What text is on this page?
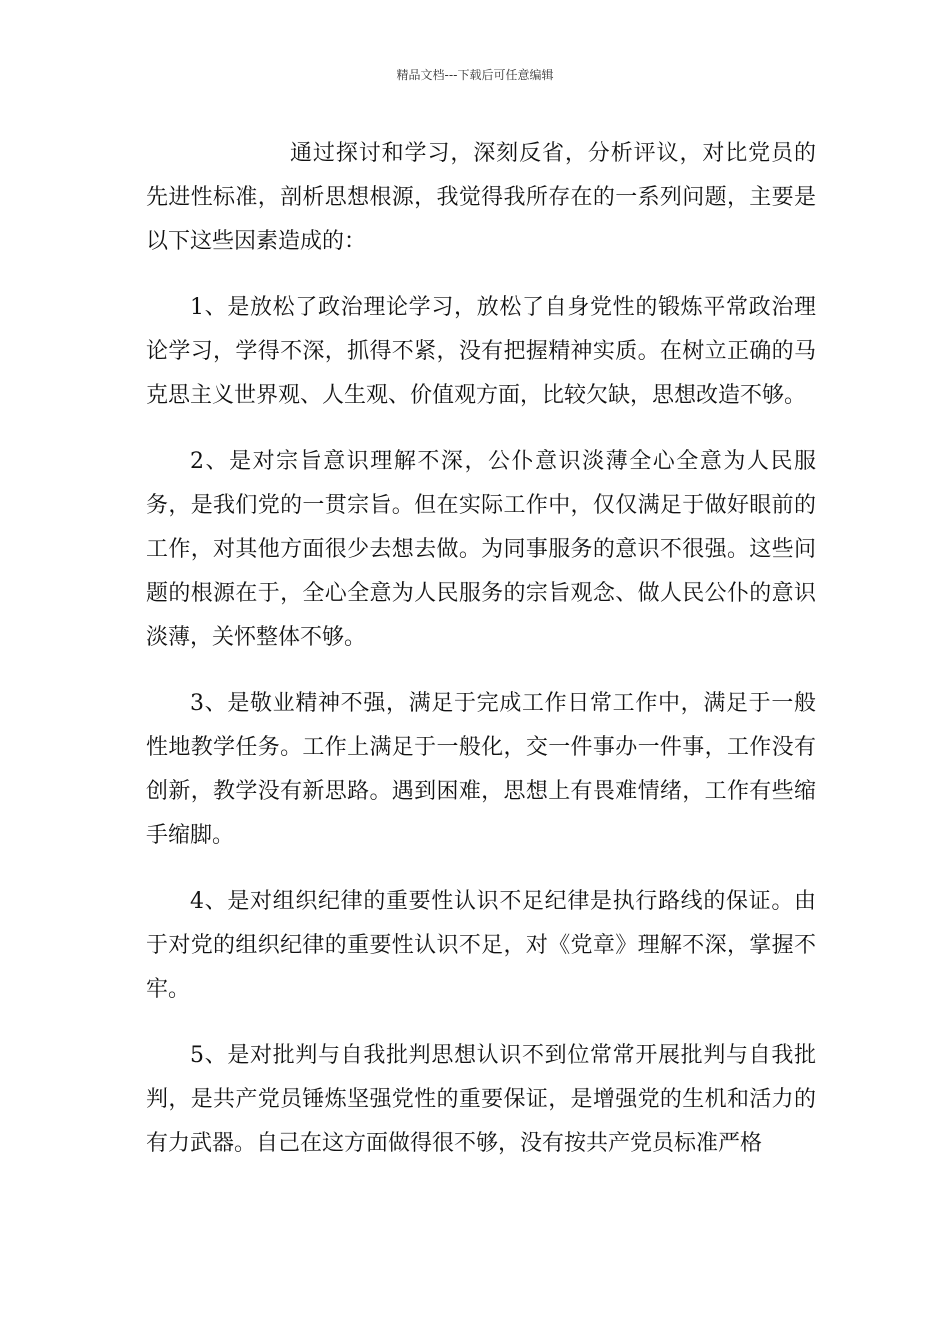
精品文档---下载后可任意编辑

通过探讨和学习，深刻反省，分析评议，对比党员的先进性标准，剖析思想根源，我觉得我所存在的一系列问题，主要是以下这些因素造成的：

1、是放松了政治理论学习，放松了自身党性的锻炼平常政治理论学习，学得不深，抓得不紧，没有把握精神实质。在树立正确的马克思主义世界观、人生观、价值观方面，比较欠缺，思想改造不够。

2、是对宗旨意识理解不深，公仆意识淡薄全心全意为人民服务，是我们党的一贯宗旨。但在实际工作中，仅仅满足于做好眼前的工作，对其他方面很少去想去做。为同事服务的意识不很强。这些问题的根源在于，全心全意为人民服务的宗旨观念、做人民公仆的意识淡薄，关怀整体不够。

3、是敬业精神不强，满足于完成工作日常工作中，满足于一般性地教学任务。工作上满足于一般化，交一件事办一件事，工作没有创新，教学没有新思路。遇到困难，思想上有畏难情绪，工作有些缩手缩脚。

4、是对组织纪律的重要性认识不足纪律是执行路线的保证。由于对党的组织纪律的重要性认识不足，对《党章》理解不深，掌握不牢。

5、是对批判与自我批判思想认识不到位常常开展批判与自我批判，是共产党员锤炼坚强党性的重要保证，是增强党的生机和活力的有力武器。自己在这方面做得很不够，没有按共产党员标准严格
